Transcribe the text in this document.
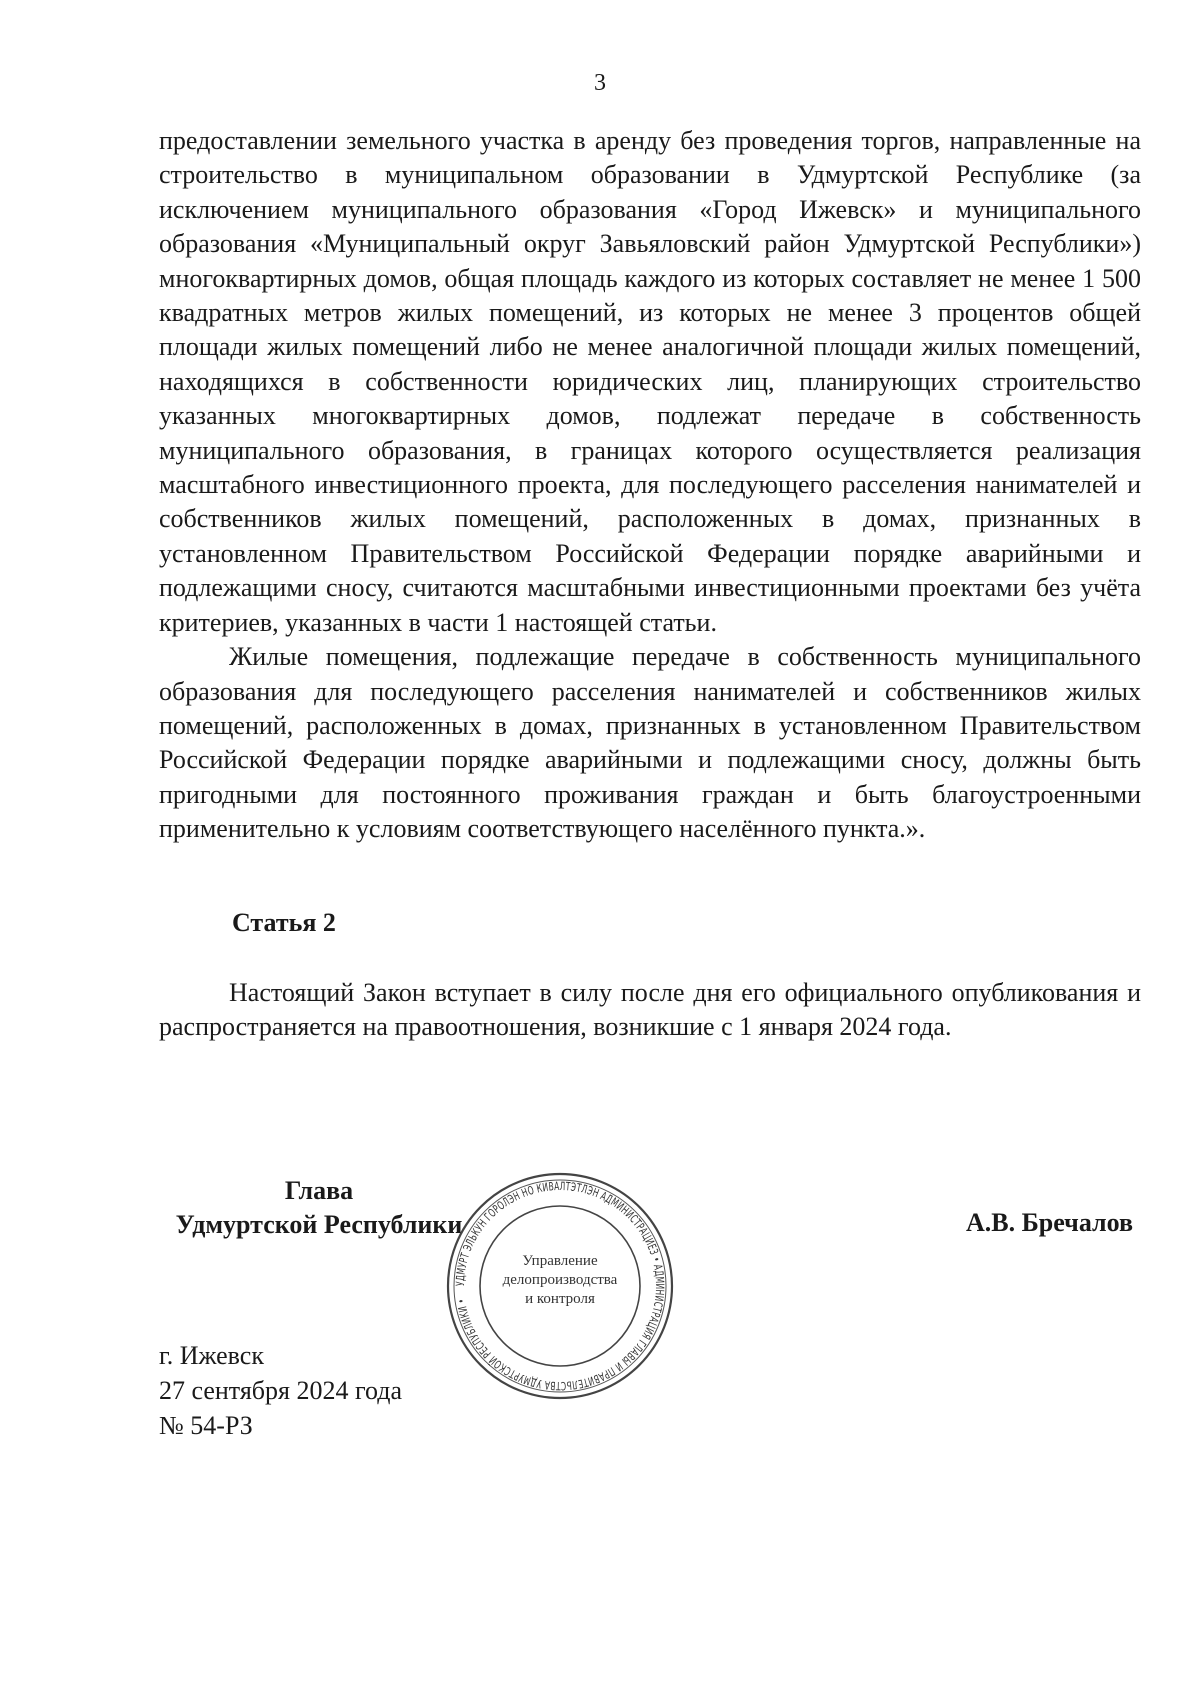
3

предоставлении земельного участка в аренду без проведения торгов, направленные на строительство в муниципальном образовании в Удмуртской Республике (за исключением муниципального образования «Город Ижевск» и муниципального образования «Муниципальный округ Завьяловский район Удмуртской Республики») многоквартирных домов, общая площадь каждого из которых составляет не менее 1 500 квадратных метров жилых помещений, из которых не менее 3 процентов общей площади жилых помещений либо не менее аналогичной площади жилых помещений, находящихся в собственности юридических лиц, планирующих строительство указанных многоквартирных домов, подлежат передаче в собственность муниципального образования, в границах которого осуществляется реализация масштабного инвестиционного проекта, для последующего расселения нанимателей и собственников жилых помещений, расположенных в домах, признанных в установленном Правительством Российской Федерации порядке аварийными и подлежащими сносу, считаются масштабными инвестиционными проектами без учёта критериев, указанных в части 1 настоящей статьи.

Жилые помещения, подлежащие передаче в собственность муниципального образования для последующего расселения нанимателей и собственников жилых помещений, расположенных в домах, признанных в установленном Правительством Российской Федерации порядке аварийными и подлежащими сносу, должны быть пригодными для постоянного проживания граждан и быть благоустроенными применительно к условиям соответствующего населённого пункта.».

Статья 2

Настоящий Закон вступает в силу после дня его официального опубликования и распространяется на правоотношения, возникшие с 1 января 2024 года.

Глава
Удмуртской Республики
УДМУРТ ЭЛЬКУН ГОРОЛЭН НО КИВАЛТЭТЛЭН АДМИНИСТРАЦИЕЗ • АДМИНИСТРАЦИЯ ГЛАВЫ И ПРАВИТЕЛЬСТВА УДМУРТСКОЙ РЕСПУБЛИКИ •
Управление
делопроизводства
и контроля
А.В. Бречалов
г. Ижевск
27 сентября 2024 года
№ 54-РЗ
